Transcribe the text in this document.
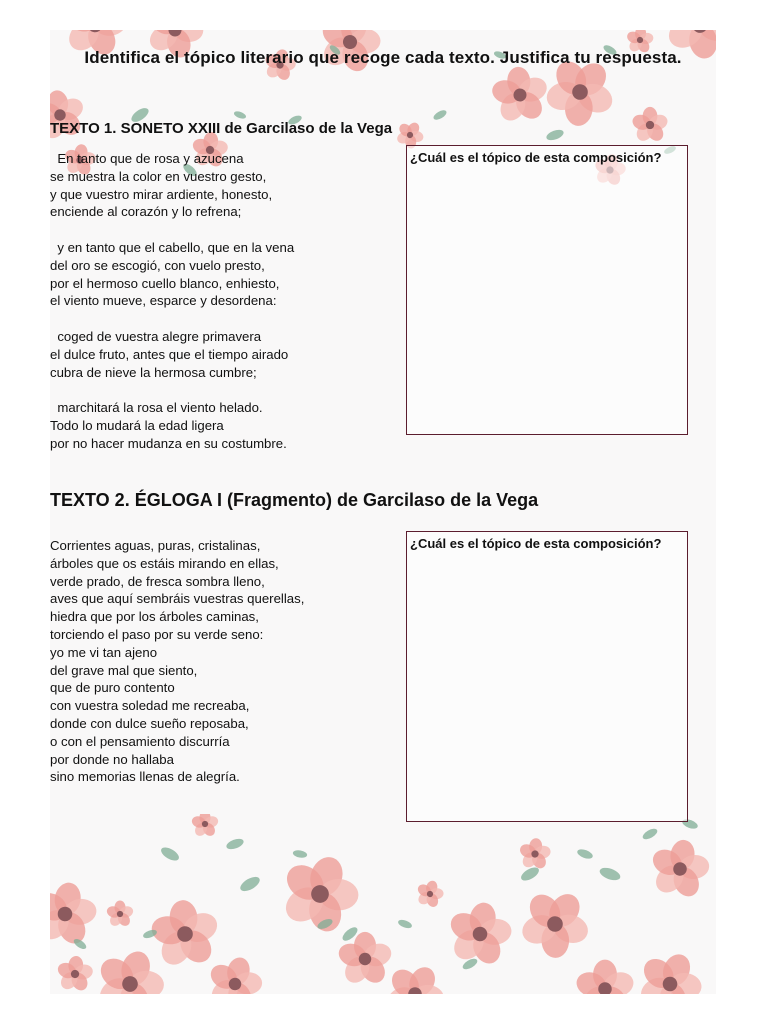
Identifica el tópico literario que recoge cada texto. Justifica tu respuesta.
TEXTO 1. SONETO XXIII de Garcilaso de la Vega
En tanto que de rosa y azucena
se muestra la color en vuestro gesto,
y que vuestro mirar ardiente, honesto,
enciende al corazón y lo refrena;
y en tanto que el cabello, que en la vena
del oro se escogió, con vuelo presto,
por el hermoso cuello blanco, enhiesto,
el viento mueve, esparce y desordena:
coged de vuestra alegre primavera
el dulce fruto, antes que el tiempo airado
cubra de nieve la hermosa cumbre;
marchitará la rosa el viento helado.
Todo lo mudará la edad ligera
por no hacer mudanza en su costumbre.
¿Cuál es el tópico de esta composición?
TEXTO 2. ÉGLOGA I (Fragmento) de Garcilaso de la Vega
Corrientes aguas, puras, cristalinas,
árboles que os estáis mirando en ellas,
verde prado, de fresca sombra lleno,
aves que aquí sembráis vuestras querellas,
hiedra que por los árboles caminas,
torciendo el paso por su verde seno:
yo me vi tan ajeno
del grave mal que siento,
que de puro contento
con vuestra soledad me recreaba,
donde con dulce sueño reposaba,
o con el pensamiento discurría
por donde no hallaba
sino memorias llenas de alegría.
¿Cuál es el tópico de esta composición?
